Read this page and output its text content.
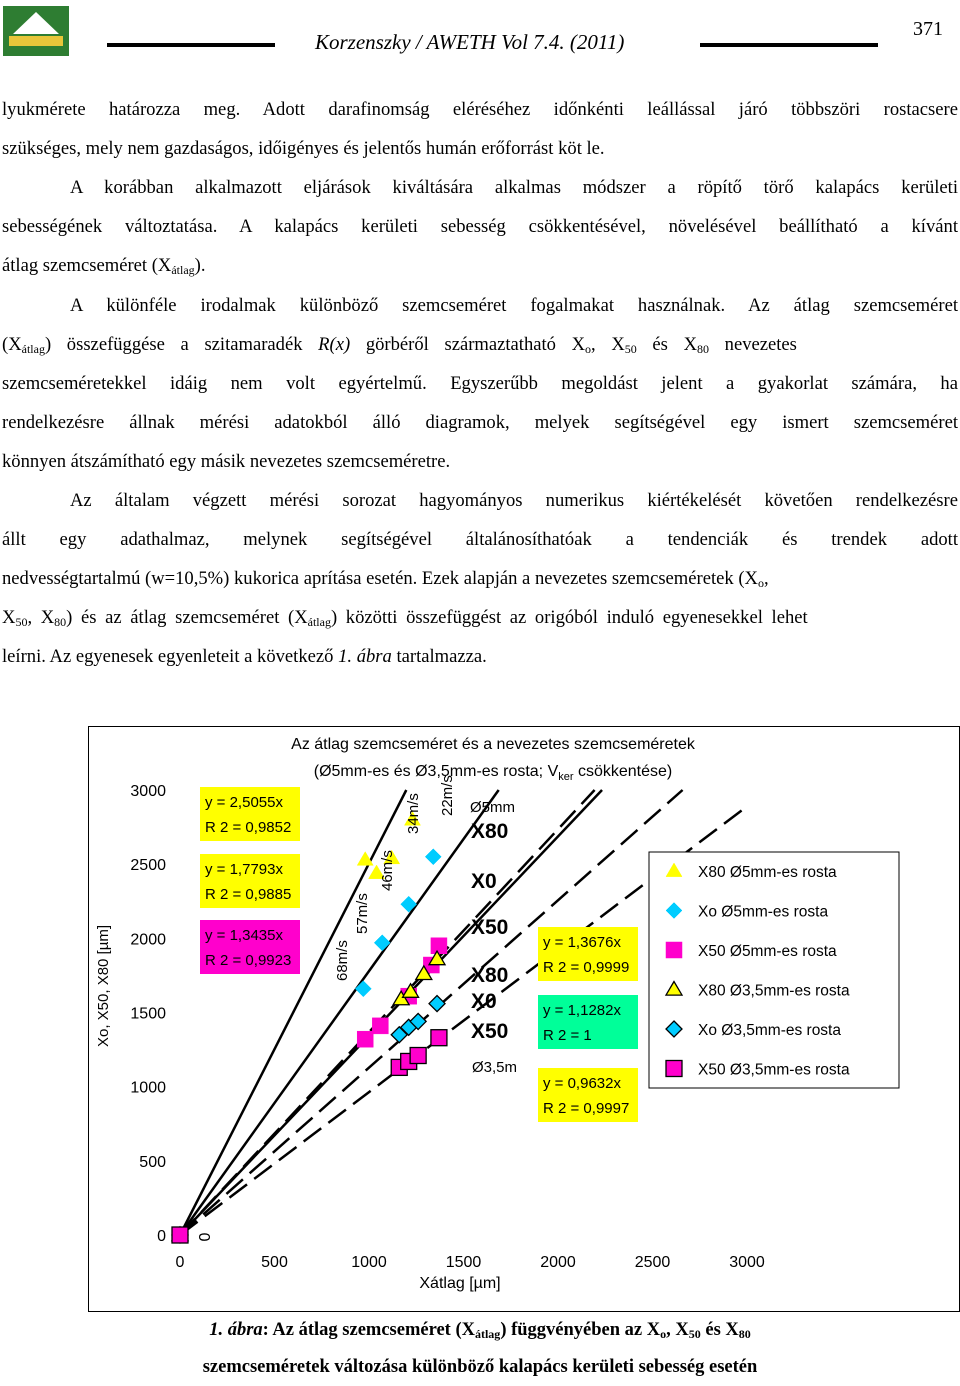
Korzenszky / AWETH Vol 7.4. (2011)
371
lyukmérete határozza meg. Adott darafinomság eléréséhez időnkénti leállással járó többszöri rostacsere
szükséges, mely nem gazdaságos, időigényes és jelentős humán erőforrást köt le.
A korábban alkalmazott eljárások kiváltására alkalmas módszer a röpítő törő kalapács kerületi
sebességének változtatása. A kalapács kerületi sebesség csökkentésével, növelésével beállítható a kívánt
átlag szemcseméret $(X_{átlag})$.
A különféle irodalmak különböző szemcseméret fogalmakat használnak. Az átlag szemcseméret
$(X_{átlag})$ összefüggése a szitamaradék R(x) görbéről származtatható $X_o$, $X_{50}$ és $X_{80}$ nevezetes
szemcseméretekkel idáig nem volt egyértelmű. Egyszerűbb megoldást jelent a gyakorlat számára, ha
rendelkezésre állnak mérési adatokból álló diagramok, melyek segítségével egy ismert szemcseméret
könnyen átszámítható egy másik nevezetes szemcseméretre.
Az általam végzett mérési sorozat hagyományos numerikus kiértékelését követően rendelkezésre
állt egy adathalmaz, melynek segítségével általánosíthatóak a tendenciák és trendek adott
nedvességtartalmú (w=10,5%) kukorica aprítása esetén. Ezek alapján a nevezetes szemcseméretek ($X_o$,
$X_{50}$, $X_{80}$) és az átlag szemcseméret $(X_{átlag})$ közötti összefüggést az origóból induló egyenesekkel lehet
leírni. Az egyenesek egyenleteit a következő 1. ábra tartalmazza.
Az átlag szemcseméret és a nevezetes szemcseméretek
(Ø5mm-es és Ø3,5mm-es rosta; $V_{ker}$ csökkentése)
Xo, X50, X80 [µm]
Xátlag [µm]
0
500
1000
1500
2000
2500
3000
0	500	1000	1500	2000	2500	3000
0
y = 2,5055x
R 2 = 0,9852
y = 1,7793x
R 2 = 0,9885
y = 1,3435x
R 2 = 0,9923
y = 1,3676x
R 2 = 0,9999
y = 1,1282x
R 2 = 1
y = 0,9632x
R 2 = 0,9997
68m/s
57m/s
46m/s
34m/s 22m/s Ø5mm
X80
X0
X50
X80
X0
X50
Ø3,5m
X80 Ø5mm-es rosta
Xo Ø5mm-es rosta
X50 Ø5mm-es rosta
X80 Ø3,5mm-es rosta
Xo Ø3,5mm-es rosta
X50 Ø3,5mm-es rosta
1. ábra: Az átlag szemcseméret $(X_{átlag})$ függvényében az $X_o$, $X_{50}$ és $X_{80}$
szemcseméretek változása különböző kalapács kerületi sebesség esetén
